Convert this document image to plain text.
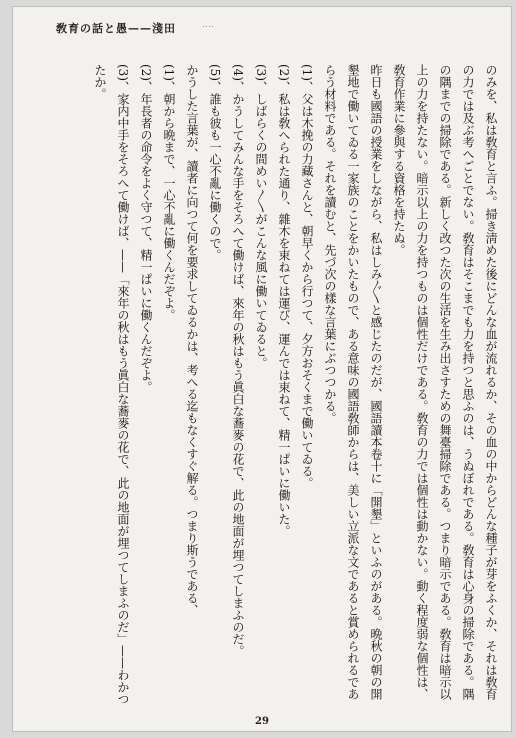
敎育の話と愚——淺田	‥‥

のみを、私は敎育と言ふ。掃き淸めた後にどんな血が流れるか、その血の中からどんな種子が芽をふくか、それは敎育の力では及ぶ考へごとでない。敎育はそこまでも力を持つと思ふのは、うぬぼれである。敎育は心身の掃除である。隅の隅までの掃除である。新しく改つた次の生活を生み出さすための舞臺掃除である。つまり暗示である。敎育は暗示以上の力を持たない。暗示以上の力を持つものは個性だけである。敎育の力では個性は動かない。動く程度弱な個性は、敎育作業に參與する資格を持たぬ。

昨日も國語の授業をしながら、私はしみ〴〵と感じたのだが、國語讀本卷十に「開墾」といふのがある。晩秋の朝の開墾地で働いてゐる一家族のことをかいたもので、ある意味の國語敎師からは、美しい立派な文であると賞められるであらう材料である。それを讀むと、先づ次の樣な言葉にぶつつかる。

(1)、父は木挽の力藏さんと、朝早くから行つて、夕方おそくまで働いてゐる。

(2)、私は敎へられた通り、雜木を束ねては運び、運んでは束ねて、精一ぱいに働いた。

(3)、しばらくの間めい〳〵がこんな風に働いてゐると。

(4)、かうしてみんな手をそろへて働けば、來年の秋はもう眞白な蕎麥の花で、此の地面が埋つてしまふのだ。

(5)、誰も彼も一心不亂に働くので。

かうした言葉が、讀者に向つて何を要求してゐるかは、考へる迄もなくすぐ解る。つまり斯うである、

(1)、朝から晩まで、一心不亂に働くんだぞよ。

(2)、年長者の命令をよく守つて、精一ぱいに働くんだぞよ。

(3)、家内中手をそろへて働けば、——「來年の秋はもう眞白な蕎麥の花で、此の地面が埋つてしまふのだ」——わかつたか。

29
